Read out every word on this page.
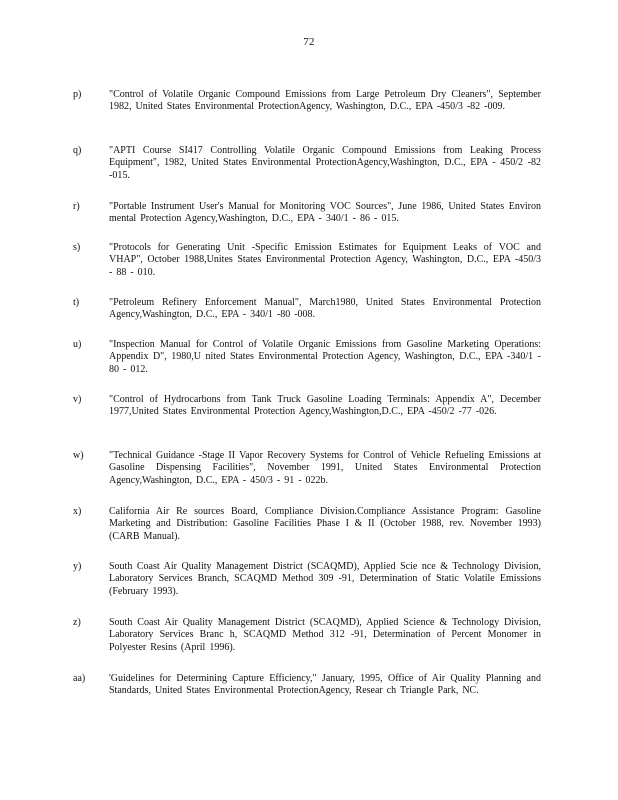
72
p)	"Control of Volatile Organic Compound Emissions from Large Petroleum Dry Cleaners", September 1982, United States Environmental ProtectionAgency, Washington, D.C., EPA -450/3 -82 -009.
q)	"APTI Course SI417 Controlling Volatile Organic Compound Emissions from Leaking Process Equipment", 1982, United States Environmental ProtectionAgency,Washington, D.C., EPA - 450/2 -82 -015.
r)	"Portable Instrument User's Manual for Monitoring VOC Sources", June 1986, United States Environ mental Protection Agency,Washington, D.C., EPA - 340/1 - 86 - 015.
s)	"Protocols for Generating Unit -Specific Emission Estimates for Equipment Leaks of VOC and VHAP", October 1988,Unites States Environmental Protection Agency, Washington, D.C., EPA -450/3 - 88 - 010.
t)	"Petroleum Refinery Enforcement Manual", March1980, United States Environmental Protection Agency,Washington, D.C., EPA - 340/1 -80 -008.
u)	"Inspection Manual for Control of Volatile Organic Emissions from Gasoline Marketing Operations: Appendix D", 1980,U nited States Environmental Protection Agency, Washington, D.C., EPA -340/1 - 80 - 012.
v)	"Control of Hydrocarbons from Tank Truck Gasoline Loading Terminals: Appendix A", December 1977,United States Environmental Protection Agency,Washington,D.C., EPA -450/2 -77 -026.
w)	"Technical Guidance -Stage II Vapor Recovery Systems for Control of Vehicle Refueling Emissions at Gasoline Dispensing Facilities", November 1991, United States Environmental Protection Agency,Washington, D.C., EPA - 450/3 - 91 - 022b.
x)	California Air Re sources Board, Compliance Division.Compliance Assistance Program: Gasoline Marketing and Distribution: Gasoline Facilities Phase I & II (October 1988, rev. November 1993) (CARB Manual).
y)	South Coast Air Quality Management District (SCAQMD), Applied Scie nce & Technology Division, Laboratory Services Branch, SCAQMD Method 309 -91, Determination of Static Volatile Emissions (February 1993).
z)	South Coast Air Quality Management District (SCAQMD), Applied Science & Technology Division, Laboratory Services Branc h, SCAQMD Method 312 -91, Determination of Percent Monomer in Polyester Resins (April 1996).
aa) 'Guidelines for Determining Capture Efficiency," January, 1995, Office of Air Quality Planning and Standards, United States Environmental ProtectionAgency, Resear ch Triangle Park, NC.
